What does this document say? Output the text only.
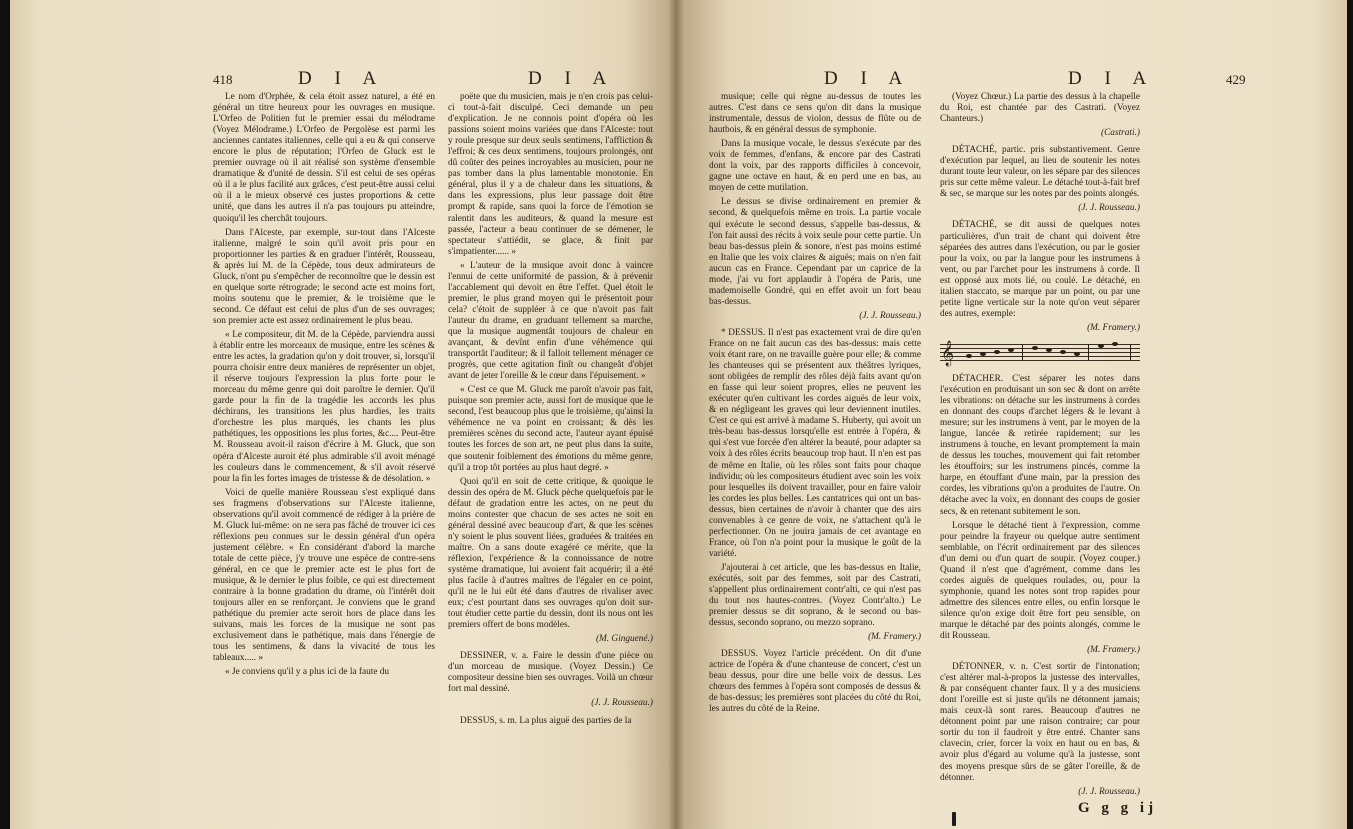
418	D I A	D I A

Le nom d'Orphée, & cela étoit assez naturel, a été en général un titre heureux pour les ouvrages en musique. L'Orfeo de Politien fut le premier essai du mélodrame (Voyez Mélodrame.) L'Orfeo de Pergolèse est parmi les anciennes cantates italiennes, celle qui a eu & qui conserve encore le plus de réputation; l'Orfeo de Gluck est le premier ouvrage où il ait réalisé son système d'ensemble dramatique & d'unité de dessin. S'il est celui de ses opéras où il a le plus facilité aux grâces, c'est peut-être aussi celui où il a le mieux observé ces justes proportions & cette unité, que dans les autres il n'a pas toujours pu atteindre, quoiqu'il les cherchât toujours.

Dans l'Alceste, par exemple, sur-tout dans l'Alceste italienne, malgré le soin qu'il avoit pris pour en proportionner les parties & en graduer l'intérêt, Rousseau, & après lui M. de la Cépède, tous deux admirateurs de Gluck, n'ont pu s'empêcher de reconnoître que le dessin est en quelque sorte rétrograde; le second acte est moins fort, moins soutenu que le premier, & le troisième que le second. Ce défaut est celui de plus d'un de ses ouvrages; son premier acte est assez ordinairement le plus beau.

« Le compositeur, dit M. de la Cépède, parviendra aussi à établir entre les morceaux de musique, entre les scènes & entre les actes, la gradation qu'on y doit trouver, si, lorsqu'il pourra choisir entre deux manières de représenter un objet, il réserve toujours l'expression la plus forte pour le morceau du même genre qui doit paroître le dernier. Qu'il garde pour la fin de la tragédie les accords les plus déchirans, les transitions les plus hardies, les traits d'orchestre les plus marqués, les chants les plus pathétiques, les oppositions les plus fortes, &c.... Peut-être M. Rousseau avoit-il raison d'écrire à M. Gluck, que son opéra d'Alceste auroit été plus admirable s'il avoit ménagé les couleurs dans le commencement, & s'il avoit réservé pour la fin les fortes images de tristesse & de désolation. »

Voici de quelle manière Rousseau s'est expliqué dans ses fragmens d'observations sur l'Alceste italienne, observations qu'il avoit commencé de rédiger à la prière de M. Gluck lui-même: on ne sera pas fâché de trouver ici ces réflexions peu connues sur le dessin général d'un opéra justement célèbre. « En considérant d'abord la marche totale de cette pièce, j'y trouve une espèce de contre-sens général, en ce que le premier acte est le plus fort de musique, & le dernier le plus foible, ce qui est directement contraire à la bonne gradation du drame, où l'intérêt doit toujours aller en se renforçant. Je conviens que le grand pathétique du premier acte seroit hors de place dans les suivans, mais les forces de la musique ne sont pas exclusivement dans le pathétique, mais dans l'énergie de tous les sentimens, & dans la vivacité de tous les tableaux..... »

« Je conviens qu'il y a plus ici de la faute du

poëte que du musicien, mais je n'en crois pas celui-ci tout-à-fait disculpé. Ceci demande un peu d'explication. Je ne connois point d'opéra où les passions soient moins variées que dans l'Alceste: tout y roule presque sur deux seuls sentimens, l'affliction & l'effroi; & ces deux sentimens, toujours prolongés, ont dû coûter des peines incroyables au musicien, pour ne pas tomber dans la plus lamentable monotonie. En général, plus il y a de chaleur dans les situations, & dans les expressions, plus leur passage doit être prompt & rapide, sans quoi la force de l'émotion se ralentit dans les auditeurs, & quand la mesure est passée, l'acteur a beau continuer de se démener, le spectateur s'attiédit, se glace, & finit par s'impatienter...... »

« L'auteur de la musique avoit donc à vaincre l'ennui de cette uniformité de passion, & à prévenir l'accablement qui devoit en être l'effet. Quel étoit le premier, le plus grand moyen qui le présentoit pour cela? c'étoit de suppléer à ce que n'avoit pas fait l'auteur du drame, en graduant tellement sa marche, que la musique augmentât toujours de chaleur en avançant, & devînt enfin d'une véhémence qui transportât l'auditeur; & il falloit tellement ménager ce progrès, que cette agitation finît ou changeât d'objet avant de jeter l'oreille & le cœur dans l'épuisement. »

« C'est ce que M. Gluck me paroît n'avoir pas fait, puisque son premier acte, aussi fort de musique que le second, l'est beaucoup plus que le troisième, qu'ainsi la véhémence ne va point en croissant; & dès les premières scènes du second acte, l'auteur ayant épuisé toutes les forces de son art, ne peut plus dans la suite, que soutenir foiblement des émotions du même genre, qu'il a trop tôt portées au plus haut degré. »

Quoi qu'il en soit de cette critique, & quoique le dessin des opéra de M. Gluck pèche quelquefois par le défaut de gradation entre les actes, on ne peut du moins contester que chacun de ses actes ne soit en général dessiné avec beaucoup d'art, & que les scènes n'y soient le plus souvent liées, graduées & traitées en maître. On a sans doute exagéré ce mérite, que la réflexion, l'expérience & la connoissance de notre système dramatique, lui avoient fait acquérir; il a été plus facile à d'autres maîtres de l'égaler en ce point, qu'il ne le lui eût été dans d'autres de rivaliser avec eux; c'est pourtant dans ses ouvrages qu'on doit sur-tout étudier cette partie du dessin, dont ils nous ont les premiers offert de bons modèles.

(M. Ginguené.)

DESSINER, v. a. Faire le dessin d'une pièce ou d'un morceau de musique. (Voyez Dessin.) Ce compositeur dessine bien ses ouvrages. Voilà un chœur fort mal dessiné.

(J. J. Rousseau.)

DESSUS, s. m. La plus aiguë des parties de la

D I A	D I A	429

musique; celle qui règne au-dessus de toutes les autres. C'est dans ce sens qu'on dit dans la musique instrumentale, dessus de violon, dessus de flûte ou de hautbois, & en général dessus de symphonie.

Dans la musique vocale, le dessus s'exécute par des voix de femmes, d'enfans, & encore par des Castrati dont la voix, par des rapports difficiles à concevoir, gagne une octave en haut, & en perd une en bas, au moyen de cette mutilation.

Le dessus se divise ordinairement en premier & second, & quelquefois même en trois. La partie vocale qui exécute le second dessus, s'appelle bas-dessus, & l'on fait aussi des récits à voix seule pour cette partie. Un beau bas-dessus plein & sonore, n'est pas moins estimé en Italie que les voix claires & aiguës; mais on n'en fait aucun cas en France. Cependant par un caprice de la mode, j'ai vu fort applaudir à l'opéra de Paris, une mademoiselle Gondré, qui en effet avoit un fort beau bas-dessus.

(J. J. Rousseau.)

* DESSUS. Il n'est pas exactement vrai de dire qu'en France on ne fait aucun cas des bas-dessus: mais cette voix étant rare, on ne travaille guère pour elle; & comme les chanteuses qui se présentent aux théâtres lyriques, sont obligées de remplir des rôles déjà faits avant qu'on en fasse qui leur soient propres, elles ne peuvent les exécuter qu'en cultivant les cordes aiguës de leur voix, & en négligeant les graves qui leur deviennent inutiles. C'est ce qui est arrivé à madame S. Huberty, qui avoit un très-beau bas-dessus lorsqu'elle est entrée à l'opéra, & qui s'est vue forcée d'en altérer la beauté, pour adapter sa voix à des rôles écrits beaucoup trop haut. Il n'en est pas de même en Italie, où les rôles sont faits pour chaque individu; où les compositeurs étudient avec soin les voix pour lesquelles ils doivent travailler, pour en faire valoir les cordes les plus belles. Les cantatrices qui ont un bas-dessus, bien certaines de n'avoir à chanter que des airs convenables à ce genre de voix, ne s'attachent qu'à le perfectionner. On ne jouira jamais de cet avantage en France, où l'on n'a point pour la musique le goût de la variété.

J'ajouterai à cet article, que les bas-dessus en Italie, exécutés, soit par des femmes, soit par des Castrati, s'appellent plus ordinairement contr'alti, ce qui n'est pas du tout nos hautes-contres. (Voyez Contr'alto.) Le premier dessus se dit soprano, & le second ou bas-dessus, secondo soprano, ou mezzo soprano.

(M. Framery.)

DESSUS. Voyez l'article précédent. On dit d'une actrice de l'opéra & d'une chanteuse de concert, c'est un beau dessus, pour dire une belle voix de dessus. Les chœurs des femmes à l'opéra sont composés de dessus & de bas-dessus; les premières sont placées du côté du Roi, les autres du côté de la Reine.

(Voyez Chœur.) La partie des dessus à la chapelle du Roi, est chantée par des Castrati. (Voyez Chanteurs.)

(Castrati.)

DÉTACHÉ, partic. pris substantivement. Genre d'exécution par lequel, au lieu de soutenir les notes durant toute leur valeur, on les sépare par des silences pris sur cette même valeur. Le détaché tout-à-fait bref & sec, se marque sur les notes par des points alongés.

(J. J. Rousseau.)

DÉTACHÉ, se dit aussi de quelques notes particulières, d'un trait de chant qui doivent être séparées des autres dans l'exécution, ou par le gosier pour la voix, ou par la langue pour les instrumens à vent, ou par l'archet pour les instrumens à corde. Il est opposé aux mots lié, ou coulé. Le détaché, en italien staccato, se marque par un point, ou par une petite ligne verticale sur la note qu'on veut séparer des autres, exemple:

(M. Framery.)

𝄞

DÉTACHER. C'est séparer les notes dans l'exécution en produisant un son sec & dont on arrête les vibrations: on détache sur les instrumens à cordes en donnant des coups d'archet légers & le levant à mesure; sur les instrumens à vent, par le moyen de la langue, lancée & retirée rapidement; sur les instrumens à touche, en levant promptement la main de dessus les touches, mouvement qui fait retomber les étouffoirs; sur les instrumens pincés, comme la harpe, en étouffant d'une main, par la pression des cordes, les vibrations qu'on a produites de l'autre. On détache avec la voix, en donnant des coups de gosier secs, & en retenant subitement le son.

Lorsque le détaché tient à l'expression, comme pour peindre la frayeur ou quelque autre sentiment semblable, on l'écrit ordinairement par des silences d'un demi ou d'un quart de soupir. (Voyez couper.) Quand il n'est que d'agrément, comme dans les cordes aiguës de quelques roulades, ou, pour la symphonie, quand les notes sont trop rapides pour admettre des silences entre elles, ou enfin lorsque le silence qu'on exige doit être fort peu sensible, on marque le détaché par des points alongés, comme le dit Rousseau.

(M. Framery.)

DÉTONNER, v. n. C'est sortir de l'intonation; c'est altérer mal-à-propos la justesse des intervalles, & par conséquent chanter faux. Il y a des musiciens dont l'oreille est si juste qu'ils ne détonnent jamais; mais ceux-là sont rares. Beaucoup d'autres ne détonnent point par une raison contraire; car pour sortir du ton il faudroit y être entré. Chanter sans clavecin, crier, forcer la voix en haut ou en bas, & avoir plus d'égard au volume qu'à la justesse, sont des moyens presque sûrs de se gâter l'oreille, & de détonner.

(J. J. Rousseau.)

G g g ij
